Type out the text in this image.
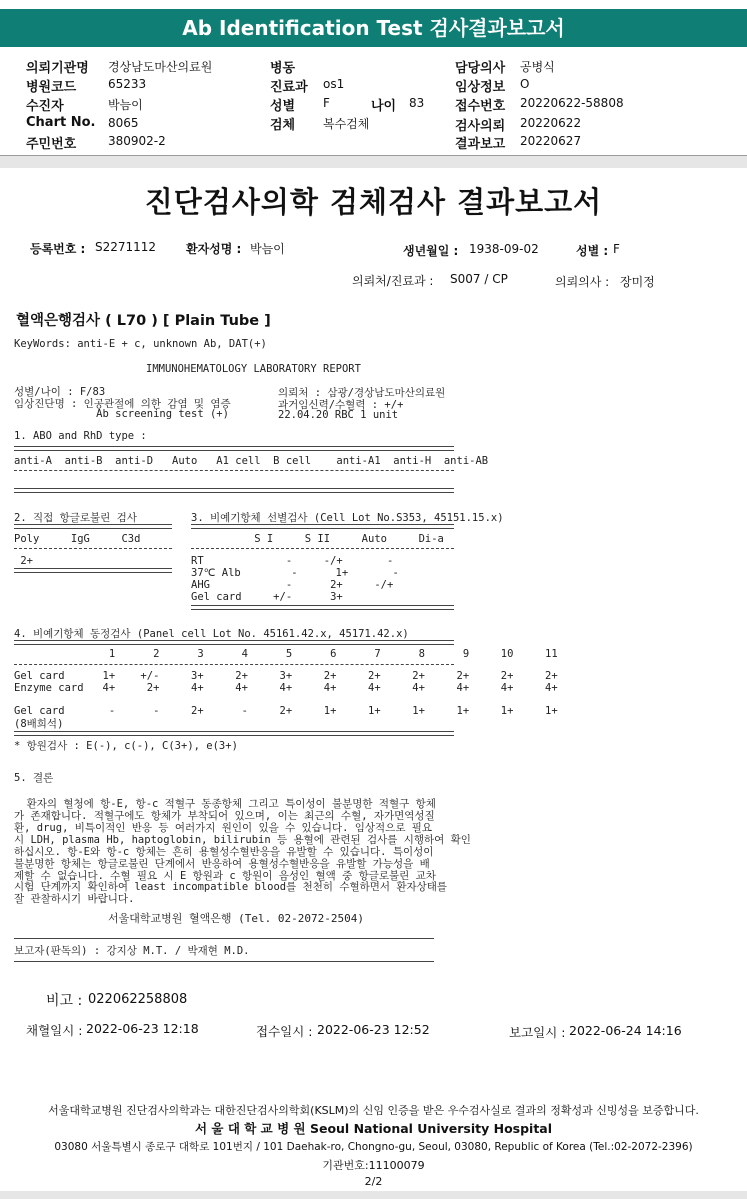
Ab Identification Test 검사결과보고서
의뢰기관명 경상남도마산의료원
병원코드	65233
수진자	박늠이
Chart No. 8065
주민번호	380902-2
병동
진료과 os1
성별 F	나이 83
검체 복수검체
담당의사 공병식
임상정보 O
접수번호 20220622-58808
검사의뢰 20220622
결과보고 20220627
진단검사의학 검체검사 결과보고서
등록번호 : S2271112 환자성명 : 박늠이	생년월일 : 1938-09-02	성별 : F
의뢰처/진료과 : S007 / CP	의뢰의사 : 장미정
혈액은행검사 ( L70 ) [ Plain Tube ]
KeyWords: anti-E + c, unknown Ab, DAT(+)
IMMUNOHEMATOLOGY LABORATORY REPORT
성별/나이 : F/83
임상진단명 : 인공관절에 의한 감염 및 염증
Ab screening test (+)
의뢰처 : 삼광/경상남도마산의료원
과거임신력/수혈력 : +/+
22.04.20 RBC 1 unit
1. ABO and RhD type :
anti-A  anti-B  anti-D   Auto   A1 cell  B cell    anti-A1  anti-H  anti-AB
2. 직접 항글로불린 검사
Poly     IgG     C3d
2+
3. 비예기항체 선별검사 (Cell Lot No.S353, 45151.15.x)
S I     S II     Auto     Di-a
RT             -     -/+       -
37℃ Alb        -      1+       -
AHG            -      2+     -/+
Gel card     +/-      3+
4. 비예기항체 동정검사 (Panel cell Lot No. 45161.42.x, 45171.42.x)
1      2      3      4      5      6      7      8      9     10     11
Gel card      1+    +/-     3+     2+     3+     2+     2+     2+     2+     2+     2+
Enzyme card   4+     2+     4+     4+     4+     4+     4+     4+     4+     4+     4+
Gel card       -      -     2+      -     2+     1+     1+     1+     1+     1+     1+
(8배희석)
* 항원검사 : E(-), c(-), C(3+), e(3+)
5. 결론
환자의 혈청에 항-E, 항-c 적혈구 동종항체 그리고 특이성이 불분명한 적혈구 항체
가 존재합니다. 적혈구에도 항체가 부착되어 있으며, 이는 최근의 수혈, 자가면역성질
환, drug, 비특이적인 반응 등 여러가지 원인이 있을 수 있습니다. 임상적으로 필요
시 LDH, plasma Hb, haptoglobin, bilirubin 등 용혈에 관련된 검사를 시행하여 확인
하십시오. 항-E와 항-c 항체는 흔히 용혈성수혈반응을 유발할 수 있습니다. 특이성이
불분명한 항체는 항글로불린 단계에서 반응하여 용혈성수혈반응을 유발할 가능성을 배
제할 수 없습니다. 수혈 필요 시 E 항원과 c 항원이 음성인 혈액 중 항글로불린 교차
시험 단계까지 확인하여 least incompatible blood를 천천히 수혈하면서 환자상태를
잘 관찰하시기 바랍니다.
서울대학교병원 혈액은행 (Tel. 02-2072-2504)
보고자(판독의) : 강지상 M.T. / 박재현 M.D.
비고 : 022062258808
채혈일시 : 2022-06-23 12:18	접수일시 : 2022-06-23 12:52	보고일시 : 2022-06-24 14:16
서울대학교병원 진단검사의학과는 대한진단검사의학회(KSLM)의 신임 인증을 받은 우수검사실로 결과의 정확성과 신빙성을 보증합니다.
서 울 대 학 교 병 원 Seoul National University Hospital
03080 서울특별시 종로구 대학로 101번지 / 101 Daehak-ro, Chongno-gu, Seoul, 03080, Republic of Korea (Tel.:02-2072-2396)
기관번호:11100079
2/2
